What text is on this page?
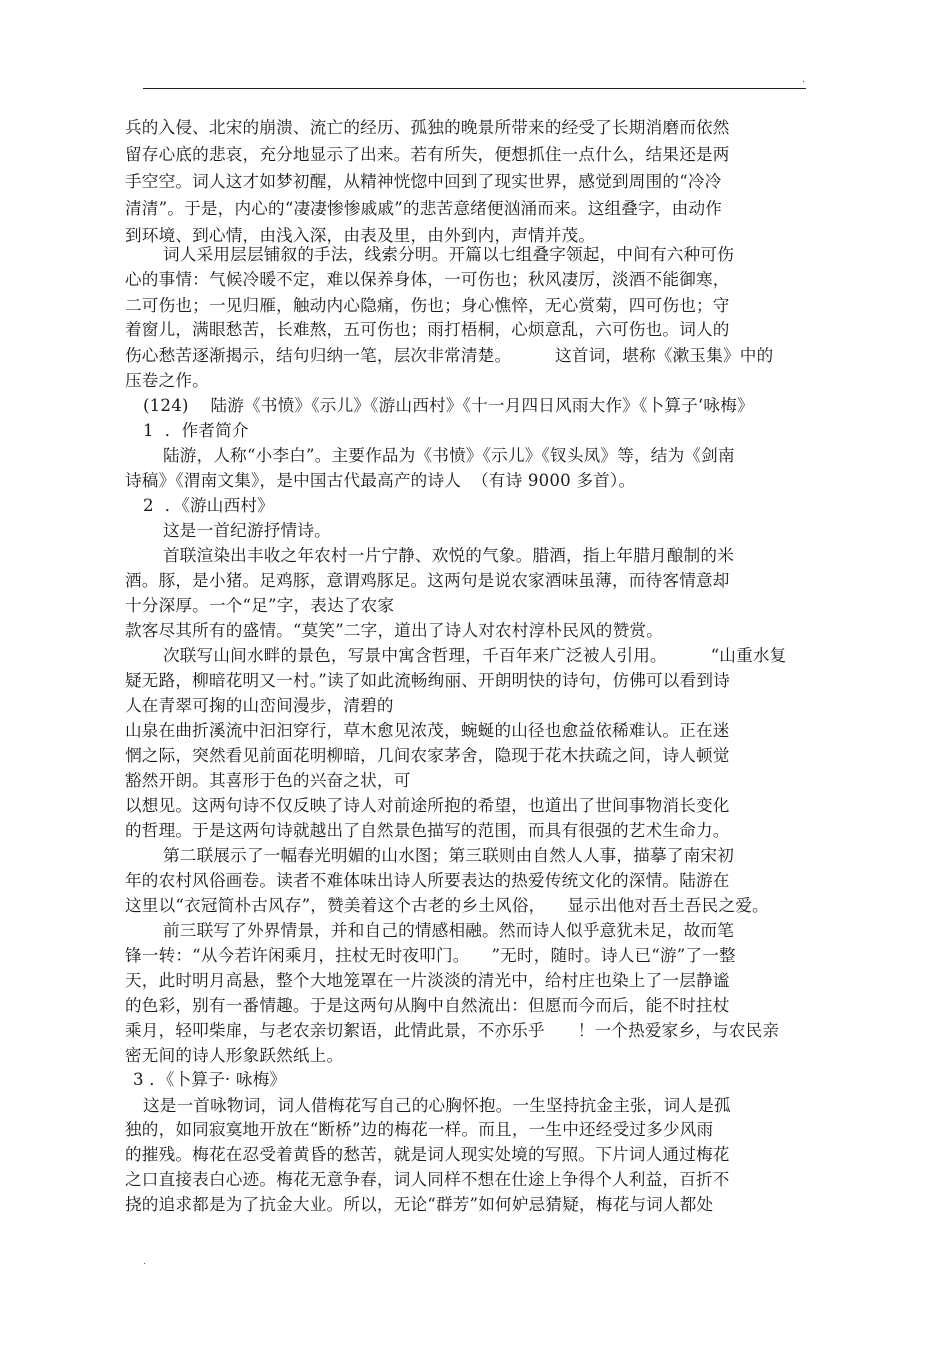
.
兵的入侵、北宋的崩溃、流亡的经历、孤独的晚景所带来的经受了长期消磨而依然
留存心底的悲哀，充分地显示了出来。若有所失，便想抓住一点什么，结果还是两
手空空。词人这才如梦初醒，从精神恍惚中回到了现实世界，感觉到周围的“冷冷
清清”。于是，内心的“凄凄惨惨戚戚”的悲苦意绪便汹涌而来。这组叠字，由动作
到环境、到心情，由浅入深，由表及里，由外到内，声情并茂。
词人采用层层铺叙的手法，线索分明。开篇以七组叠字领起，中间有六种可伤
心的事情：气候冷暖不定，难以保养身体，一可伤也；秋风凄厉，淡酒不能御寒，
二可伤也；一见归雁，触动内心隐痛，伤也；身心憔悴，无心赏菊，四可伤也；守
着窗儿，满眼愁苦，长难熬，五可伤也；雨打梧桐，心烦意乱，六可伤也。词人的
伤心愁苦逐渐揭示，结句归纳一笔，层次非常清楚。        这首词，堪称《漱玉集》中的
压卷之作。
(124)    陆游《书愤》《示儿》《游山西村》《十一月四日风雨大作》《卜算子‘咏梅》
1  ．作者简介
陆游，人称“小李白”。主要作品为《书愤》《示儿》《钗头凤》等，结为《剑南
诗稿》《渭南文集》，是中国古代最高产的诗人  （有诗 9000 多首）。
2  ．《游山西村》
这是一首纪游抒情诗。
首联渲染出丰收之年农村一片宁静、欢悦的气象。腊酒，指上年腊月酿制的米
酒。豚，是小猪。足鸡豚，意谓鸡豚足。这两句是说农家酒味虽薄，而待客情意却
十分深厚。一个“足”字，表达了农家
款客尽其所有的盛情。“莫笑”二字，道出了诗人对农村淳朴民风的赞赏。
次联写山间水畔的景色，写景中寓含哲理，千百年来广泛被人引用。        “山重水复
疑无路，柳暗花明又一村。”读了如此流畅绚丽、开朗明快的诗句，仿佛可以看到诗
人在青翠可掬的山峦间漫步，清碧的
山泉在曲折溪流中汩汩穿行，草木愈见浓茂，蜿蜒的山径也愈益依稀难认。正在迷
惘之际，突然看见前面花明柳暗，几间农家茅舍，隐现于花木扶疏之间，诗人顿觉
豁然开朗。其喜形于色的兴奋之状，可
以想见。这两句诗不仅反映了诗人对前途所抱的希望，也道出了世间事物消长变化
的哲理。于是这两句诗就越出了自然景色描写的范围，而具有很强的艺术生命力。
第二联展示了一幅春光明媚的山水图；第三联则由自然人人事，描摹了南宋初
年的农村风俗画卷。读者不难体味出诗人所要表达的热爱传统文化的深情。陆游在
这里以“衣冠简朴古风存”，赞美着这个古老的乡土风俗，    显示出他对吾土吾民之爱。
前三联写了外界情景，并和自己的情感相融。然而诗人似乎意犹未足，故而笔
锋一转：“从今若许闲乘月，拄杖无时夜叩门。    ”无时，随时。诗人已“游”了一整
天，此时明月高悬，整个大地笼罩在一片淡淡的清光中，给村庄也染上了一层静谧
的色彩，别有一番情趣。于是这两句从胸中自然流出：但愿而今而后，能不时拄杖
乘月，轻叩柴扉，与老农亲切絮语，此情此景，不亦乐乎      ！一个热爱家乡，与农民亲
密无间的诗人形象跃然纸上。
3 ．《卜算子· 咏梅》
这是一首咏物词，词人借梅花写自己的心胸怀抱。一生坚持抗金主张，词人是孤
独的，如同寂寞地开放在“断桥”边的梅花一样。而且，一生中还经受过多少风雨
的摧残。梅花在忍受着黄昏的愁苦，就是词人现实处境的写照。下片词人通过梅花
之口直接表白心迹。梅花无意争春，词人同样不想在仕途上争得个人利益，百折不
挠的追求都是为了抗金大业。所以，无论“群芳”如何妒忌猜疑，梅花与词人都处
.
